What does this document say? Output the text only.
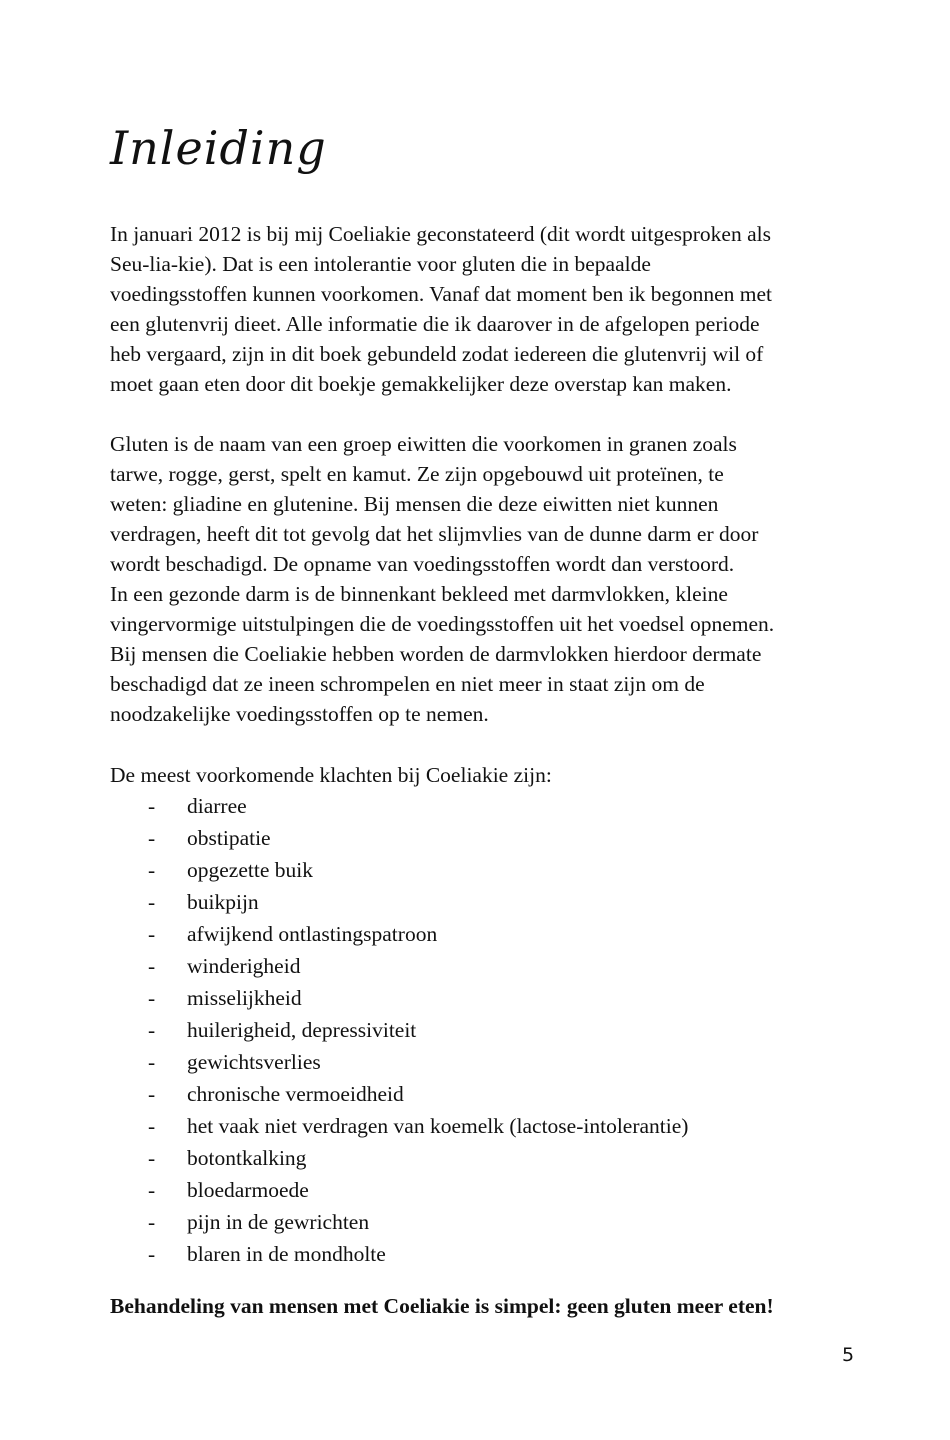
Inleiding

In januari 2012 is bij mij Coeliakie geconstateerd (dit wordt uitgesproken als
Seu-lia-kie). Dat is een intolerantie voor gluten die in bepaalde
voedingsstoffen kunnen voorkomen. Vanaf dat moment ben ik begonnen met
een glutenvrij dieet. Alle informatie die ik daarover in de afgelopen periode
heb vergaard, zijn in dit boek gebundeld zodat iedereen die glutenvrij wil of
moet gaan eten door dit boekje gemakkelijker deze overstap kan maken.

Gluten is de naam van een groep eiwitten die voorkomen in granen zoals
tarwe, rogge, gerst, spelt en kamut. Ze zijn opgebouwd uit proteïnen, te
weten: gliadine en glutenine. Bij mensen die deze eiwitten niet kunnen
verdragen, heeft dit tot gevolg dat het slijmvlies van de dunne darm er door
wordt beschadigd. De opname van voedingsstoffen wordt dan verstoord.
In een gezonde darm is de binnenkant bekleed met darmvlokken, kleine
vingervormige uitstulpingen die de voedingsstoffen uit het voedsel opnemen.
Bij mensen die Coeliakie hebben worden de darmvlokken hierdoor dermate
beschadigd dat ze ineen schrompelen en niet meer in staat zijn om de
noodzakelijke voedingsstoffen op te nemen.

De meest voorkomende klachten bij Coeliakie zijn:

- diarree
- obstipatie
- opgezette buik
- buikpijn
- afwijkend ontlastingspatroon
- winderigheid
- misselijkheid
- huilerigheid, depressiviteit
- gewichtsverlies
- chronische vermoeidheid
- het vaak niet verdragen van koemelk (lactose-intolerantie)
- botontkalking
- bloedarmoede
- pijn in de gewrichten
- blaren in de mondholte

Behandeling van mensen met Coeliakie is simpel: geen gluten meer eten!

5
